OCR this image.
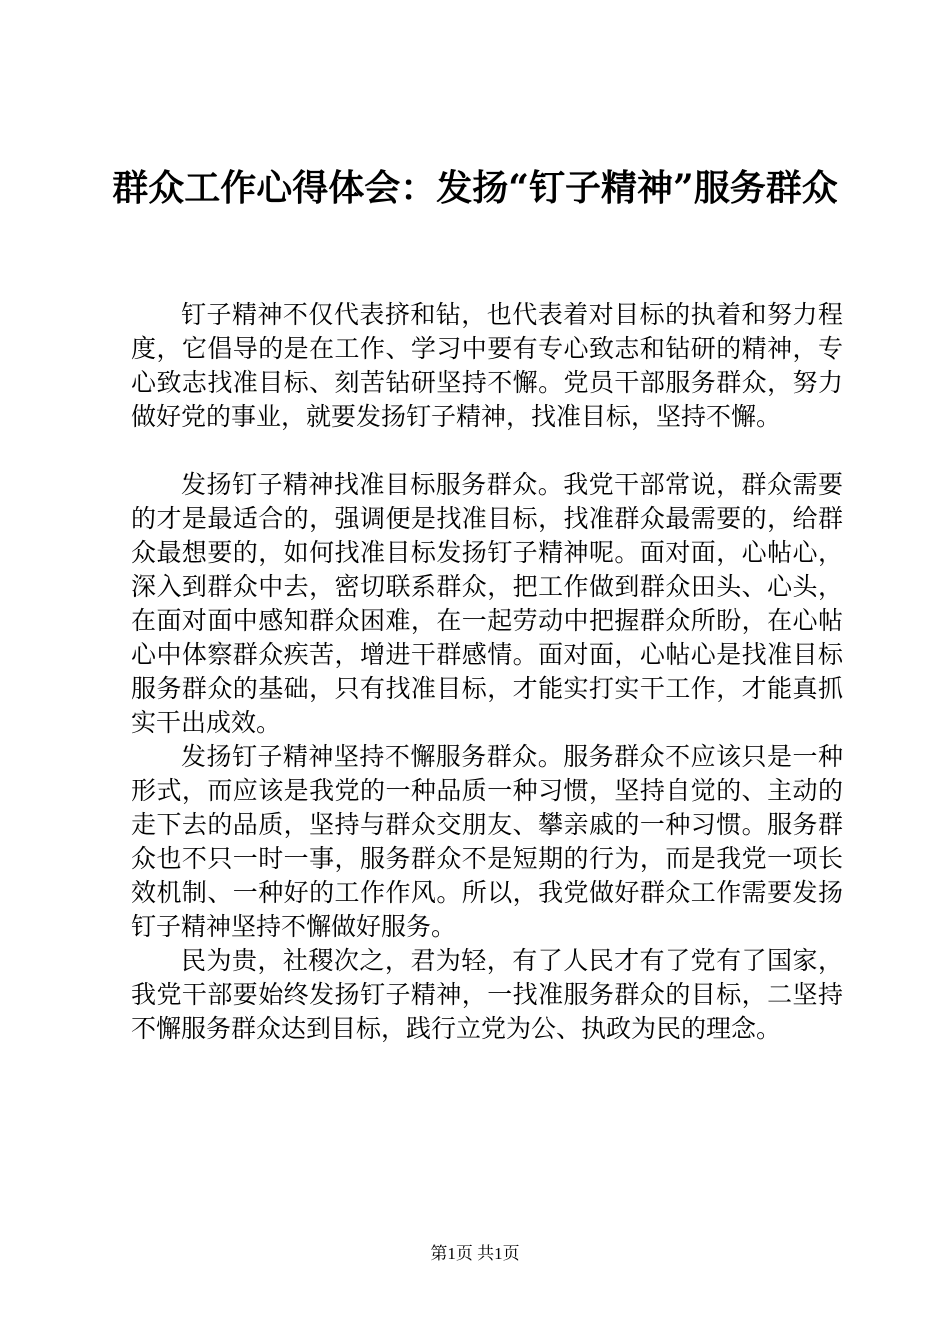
群众工作心得体会：发扬“钉子精神”服务群众

钉子精神不仅代表挤和钻，也代表着对目标的执着和努力程度，它倡导的是在工作、学习中要有专心致志和钻研的精神，专心致志找准目标、刻苦钻研坚持不懈。党员干部服务群众，努力做好党的事业，就要发扬钉子精神，找准目标，坚持不懈。

发扬钉子精神找准目标服务群众。我党干部常说，群众需要的才是最适合的，强调便是找准目标，找准群众最需要的，给群众最想要的，如何找准目标发扬钉子精神呢。面对面，心帖心，深入到群众中去，密切联系群众，把工作做到群众田头、心头，在面对面中感知群众困难，在一起劳动中把握群众所盼，在心帖心中体察群众疾苦，增进干群感情。面对面，心帖心是找准目标服务群众的基础，只有找准目标，才能实打实干工作，才能真抓实干出成效。

发扬钉子精神坚持不懈服务群众。服务群众不应该只是一种形式，而应该是我党的一种品质一种习惯，坚持自觉的、主动的走下去的品质，坚持与群众交朋友、攀亲戚的一种习惯。服务群众也不只一时一事，服务群众不是短期的行为，而是我党一项长效机制、一种好的工作作风。所以，我党做好群众工作需要发扬钉子精神坚持不懈做好服务。

民为贵，社稷次之，君为轻，有了人民才有了党有了国家，我党干部要始终发扬钉子精神，一找准服务群众的目标，二坚持不懈服务群众达到目标，践行立党为公、执政为民的理念。

第1页 共1页
